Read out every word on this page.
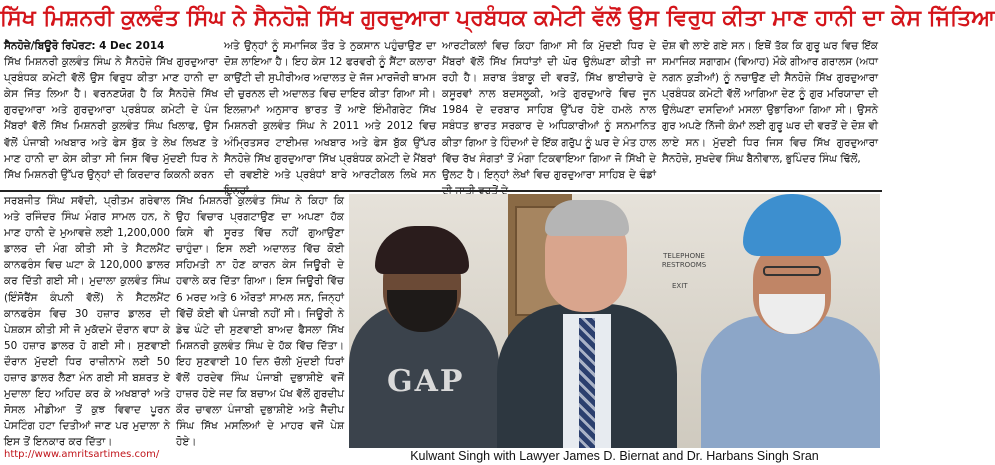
ਸਿੱਖ ਮਿਸ਼ਨਰੀ ਕੁਲਵੰਤ ਸਿੰਘ ਨੇ ਸੈਨਹੋਜ਼ੇ ਸਿੱਖ ਗੁਰਦੁਆਰਾ ਪ੍ਰਬੰਧਕ ਕਮੇਟੀ ਵੱਲੋਂ ਉਸ ਵਿਰੁਧ ਕੀਤਾ ਮਾਣ ਹਾਨੀ ਦਾ ਕੇਸ ਜਿੱਤਿਆ

ਸੈਨਹੋਜ਼ੇ/ਬਿਊਰੋ ਰਿਪੋਰਟ: 4 Dec 2014

ਸਿੱਖ ਮਿਸ਼ਨਰੀ ਕੁਲਵੰਤ ਸਿੰਘ ਨੇ ਸੈਨਹੋਜ਼ੇ ਸਿੱਖ ਗੁਰਦੁਆਰਾ ਪ੍ਰਬੰਧਕ ਕਮੇਟੀ ਵੱਲੋਂ ਉਸ ਵਿਰੁਧ ਕੀਤਾ ਮਾਣ ਹਾਨੀ ਦਾ ਕੇਸ ਜਿੱਤ ਲਿਆ ਹੈ। ਵਰਨਣਯੋਗ ਹੈ ਕਿ ਸੈਨਹੋਜ਼ੇ ਸਿੱਖ ਗੁਰਦੁਆਰਾ ਅਤੇ ਗੁਰਦੁਆਰਾ ਪ੍ਰਬੰਧਕ ਕਮੇਟੀ ਦੇ ਪੰਜ ਮੈਂਬਰਾਂ ਵੱਲੋਂ ਸਿੱਖ ਮਿਸ਼ਨਰੀ ਕੁਲਵੰਤ ਸਿੰਘ ਖਿਲਾਫ, ਉਸ ਵੱਲੋਂ ਪੰਜਾਬੀ ਅਖਬਾਰ ਅਤੇ ਫੇਸ ਬੁੱਕ ਤੇ ਲੇਖ ਲਿਖਣ ਤੇ ਮਾਣ ਹਾਨੀ ਦਾ ਕੇਸ ਕੀਤਾ ਸੀ ਜਿਸ ਵਿੱਚ ਮੁੱਦਈ ਧਿਰ ਨੇ ਸਿੱਖ ਮਿਸ਼ਨਰੀ ਉੱਪਰ ਉਨ੍ਹਾਂ ਦੀ ਕਿਰਦਾਰ ਕਿਕਨੀ ਕਰਨ

ਅਤੇ ਉਨ੍ਹਾਂ ਨੂੰ ਸਮਾਜਿਕ ਤੌਰ ਤੇ ਨੁਕਸਾਨ ਪਹੁੰਚਾਉਣ ਦਾ ਦੋਸ਼ ਲਾਇਆ ਹੈ। ਇਹ ਕੇਸ 12 ਫਰਵਰੀ ਨੂੰ ਸੈਂਟਾ ਕਲਾਰਾ ਕਾਉਂਟੀ ਦੀ ਸੁਪੀਰੀਅਰ ਅਦਾਲਤ ਦੇ ਜੱਜ ਮਾਰਜੋਰੀ ਥਾਮਸ ਦੀ ਚੁਰਨਲ ਦੀ ਅਦਾਲਤ ਵਿਚ ਦਾਇਰ ਕੀਤਾ ਗਿਆ ਸੀ। ਇਲਜ਼ਾਮਾਂ ਅਨੁਸਾਰ ਭਾਰਤ ਤੋਂ ਆਏ ਇੰਮੀਗਰੇਟ ਸਿੱਖ ਮਿਸ਼ਨਰੀ ਕੁਲਵੰਤ ਸਿੰਘ ਨੇ 2011 ਅਤੇ 2012 ਵਿਚ ਅੰਮ੍ਰਿਤਸਰ ਟਾਈਮਜ਼ ਅਖਬਾਰ ਅਤੇ ਫੇਸ ਬੁੱਕ ਉੱਪਰ ਸੈਨਹੋਜ਼ੇ ਸਿੱਖ ਗੁਰਦੁਆਰਾ ਸਿੱਖ ਪ੍ਰਬੰਧਕ ਕਮੇਟੀ ਦੇ ਮੈਂਬਰਾਂ ਦੀ ਰਵਈਏ ਅਤੇ ਪ੍ਰਬੰਧਾਂ ਬਾਰੇ ਆਰਟੀਕਲ ਲਿਖੇ ਸਨ

ਆਰਟੀਕਲਾਂ ਵਿਚ ਕਿਹਾ ਗਿਆ ਸੀ ਕਿ ਮੁੱਦਈ ਧਿਰ ਦੇ ਮੈਂਬਰਾਂ ਵੱਲੋਂ ਸਿੱਖ ਸਿਧਾਂਤਾਂ ਦੀ ਘੋਰ ਉਲੰਘਣਾ ਕੀਤੀ ਜਾ ਰਹੀ ਹੈ। ਸ਼ਰਾਬ ਤੰਬਾਕੂ ਦੀ ਵਰਤੋਂ, ਸਿੱਖ ਭਾਈਚਾਰੇ ਦੇ ਕਸੂਰਵਾਂ ਨਾਲ ਬਦਸਲੂਕੀ, ਅਤੇ ਗੁਰਦੁਆਰੇ ਵਿਚ ਜੂਨ 1984 ਦੇ ਦਰਬਾਰ ਸਾਹਿਬ ਉੱਪਰ ਹੋਏ ਹਮਲੇ ਨਾਲ ਸਬੰਧਤ ਭਾਰਤ ਸਰਕਾਰ ਦੇ ਅਧਿਕਾਰੀਆਂ ਨੂੰ ਸਨਮਾਨਿਤ ਕੀਤਾ ਗਿਆ ਤੇ ਹਿੰਦਆਂ ਦੇ ਇੱਕ ਗਰੁੱਪ ਨੂੰ ਘਰ ਦੇ ਮੰਤ ਹਾਲ ਵਿੱਚ ਰੱਖ ਸੰਗਤਾਂ ਤੋਂ ਮੰਗਾ ਟਿਕਵਾਇਆ ਗਿਆ ਜੋ ਸਿੱਖੀ ਦੇ ਉਲਟ ਹੈ। ਇਨ੍ਹਾਂ ਲੇਖਾਂ ਵਿਚ ਗੁਰਦੁਆਰਾ ਸਾਹਿਬ ਦੇ ਢੰਡਾਂ

ਦੋਸ਼ ਵੀ ਲਾਏ ਗਏ ਸਨ। ਇਥੋਂ ਤੱਕ ਕਿ ਗੁਰੂ ਘਰ ਵਿਚ ਇੱਕ ਸਮਾਜਿਕ ਸਗਾਗਮ (ਵਿਆਹ) ਮੌਕੇ ਗੀਆਰ ਗਰਾਲਸ (ਅਧਾ ਨਗਨ ਕੁੜੀਆਂ) ਨੂੰ ਨਚਾਉਣ ਦੀ ਸੈਨਹੋਜ਼ੇ ਸਿੱਖ ਗੁਰਦੁਆਰਾ ਪ੍ਰਬੰਧਕ ਕਮੇਟੀ ਵੱਲੋਂ ਆਗਿਆ ਦੇਣ ਨੂੰ ਗੁਰ ਮਰਿਯਾਦਾ ਦੀ ਉਲੰਘਣਾ ਦਸਦਿਆਂ ਮਸਲਾ ਉਭਾਰਿਆ ਗਿਆ ਸੀ। ਉਸਨੇ ਗੁਰ ਅਪਣੇ ਨਿੱਜੀ ਕੰਮਾਂ ਲਈ ਗੁਰੂ ਘਰ ਦੀ ਵਰਤੋਂ ਦੇ ਦੋਸ਼ ਵੀ ਲਾਏ ਸਨ। ਮੁੱਦਈ ਧਿਰ ਜਿਸ ਵਿਚ ਸਿੱਖ ਗੁਰਦੁਆਰਾ ਸੈਨਹੋਜ਼ੇ, ਸੁਖਦੇਵ ਸਿੰਘ ਬੈਨੀਵਾਲ, ਭੁਪਿੰਦਰ ਸਿੰਘ ਢਿੱਲੋਂ,

ਸਰਬਜੀਤ ਸਿੰਘ ਸਵੱਦੀ, ਪ੍ਰੀਤਮ ਗਰੇਵਾਲ ਅਤੇ ਰਜਿੰਦਰ ਸਿੰਘ ਮੰਗਰ ਸਾਮਲ ਹਨ, ਨੇ ਮਾਣ ਹਾਨੀ ਦੇ ਮੁਆਵਜ਼ੇ ਲਈ 1,200,000 ਡਾਲਰ ਦੀ ਮੰਗ ਕੀਤੀ ਸੀ ਤੇ ਸੈਟਲਮੈਂਟ ਕਾਨਫਰੰਸ ਵਿਚ ਘਟਾ ਕੇ 120,000 ਡਾਲਰ ਕਰ ਦਿੱਤੀ ਗਈ ਸੀ। ਮੁਦਾਲਾ ਕੁਲਵੰਤ ਸਿੰਘ (ਇੰਸੋਰੈਂਸ ਕੰਪਨੀ ਵੱਲੋਂ) ਨੇ ਸੈਟਲਮੈਂਟ ਕਾਨਫਰੰਸ ਵਿਚ 30 ਹਜ਼ਾਰ ਡਾਲਰ ਦੀ ਪੇਸ਼ਕਸ ਕੀਤੀ ਸੀ ਜੋ ਮੁਕੱਦਮੇ ਦੌਰਾਨ ਵਧਾ ਕੇ 50 ਹਜ਼ਾਰ ਡਾਲਰ ਹੋ ਗਈ ਸੀ। ਸੁਣਵਾਈ ਦੌਰਾਨ ਮੁੱਦਈ ਧਿਰ ਰਾਜ਼ੀਨਾਮੇ ਲਈ 50 ਹਜ਼ਾਰ ਡਾਲਰ ਲੈਣਾ ਮੰਨ ਗਈ ਸੀ ਬਸ਼ਰਤ ਏ ਮੁਦਾਲਾ ਇਹ ਅਹਿਦ ਕਰ ਕੇ ਅਖਬਾਰਾਂ ਅਤੇ ਸੋਸਲ ਮੀਡੀਆ ਤੋਂ ਕੁਝ ਵਿਵਾਦ ਪੂਰਨ ਪੋਸਟਿੰਗ ਹਟਾ ਦਿਤੀਆਂ ਜਾਣ ਪਰ ਮੁਦਾਲਾ ਨੇ ਇਸ ਤੋਂ ਇਨਕਾਰ ਕਰ ਦਿੱਤਾ।

ਸਿੱਖ ਮਿਸ਼ਨਰੀ ਕੁਲਵੰਤ ਸਿੰਘ ਨੇ ਕਿਹਾ ਕਿ ਉਹ ਵਿਚਾਰ ਪ੍ਰਗਟਾਉਣ ਦਾ ਅਪਣਾ ਹੱਕ ਕਿਸੇ ਵੀ ਸੂਰਤ ਵਿੱਚ ਨਹੀਂ ਗੁਆਉਣਾ ਚਾਹੁੰਦਾ। ਇਸ ਲਈ ਅਦਾਲਤ ਵਿੱਚ ਕੋਈ ਸਹਿਮਤੀ ਨਾ ਹੋਣ ਕਾਰਨ ਕੇਸ ਜਿਊਰੀ ਦੇ ਹਵਾਲੇ ਕਰ ਦਿੱਤਾ ਗਿਆ। ਇਸ ਜਿਊਰੀ ਵਿੱਚ 6 ਮਰਦ ਅਤੇ 6 ਔਰਤਾਂ ਸਾਮਲ ਸਨ, ਜਿਨ੍ਹਾਂ ਵਿੱਚੋਂ ਕੋਈ ਵੀ ਪੰਜਾਬੀ ਨਹੀਂ ਸੀ। ਜਿਊਰੀ ਨੇ ਡੇਢ ਘੰਟੇ ਦੀ ਸੁਣਵਾਈ ਬਾਅਦ ਫੈਸਲਾ ਸਿੱਖ ਮਿਸ਼ਨਰੀ ਕੁਲਵੰਤ ਸਿੰਘ ਦੇ ਹੱਕ ਵਿੱਚ ਦਿੱਤਾ। ਇਹ ਸੁਣਵਾਈ 10 ਦਿਨ ਚੱਲੀ ਮੁੱਦਈ ਧਿਰਾਂ ਵੱਲੋਂ ਹਰਦੇਵ ਸਿੰਘ ਪੰਜਾਬੀ ਦੁਭਾਸ਼ੀਏ ਵਜੋਂ ਹਾਜ਼ਰ ਹੋਏ ਜਦ ਕਿ ਬਚਾਅ ਪੱਖ ਵੱਲੋਂ ਗੁਰਦੀਪ ਕੌਰ ਚਾਵਲਾ ਪੰਜਾਬੀ ਦੁਭਾਸ਼ੀਏ ਅਤੇ ਜੈਦੀਪ ਸਿੰਘ ਸਿੱਖ ਮਸਲਿਆਂ ਦੇ ਮਾਹਰ ਵਜੋਂ ਪੇਸ਼ ਹੋਏ।

http://www.amritsartimes.com/
TELEPHONE RESTROOMS
EXIT
GAP
Kulwant Singh with Lawyer James D. Biernat and Dr. Harbans Singh Sran
